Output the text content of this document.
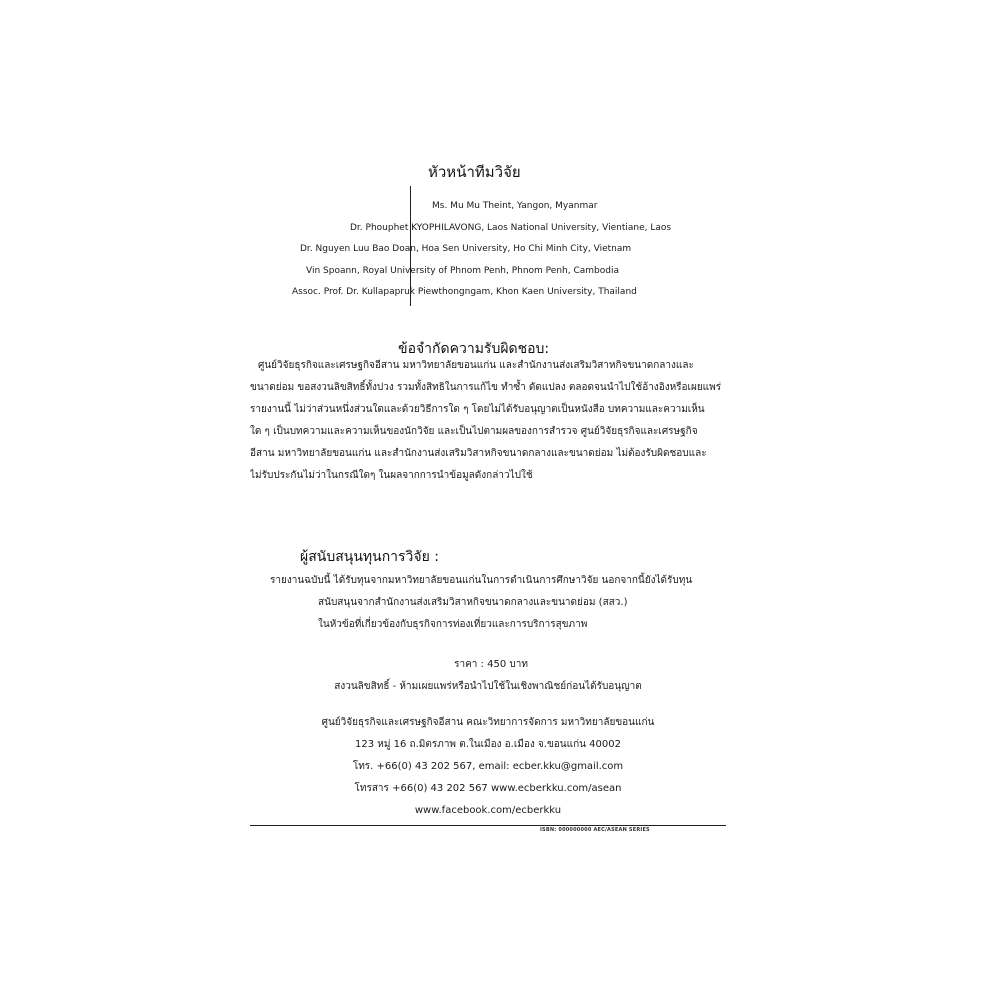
หัวหน้าทีมวิจัย
Ms. Mu Mu Theint, Yangon, Myanmar
Dr. Phouphet KYOPHILAVONG, Laos National University, Vientiane, Laos
Dr. Nguyen Luu Bao Doan, Hoa Sen University, Ho Chi Minh City, Vietnam
Vin Spoann, Royal University of Phnom Penh, Phnom Penh, Cambodia
Assoc. Prof. Dr. Kullapapruk Piewthongngam, Khon Kaen University, Thailand
ข้อจำกัดความรับผิดชอบ:
ศูนย์วิจัยธุรกิจและเศรษฐกิจอีสาน มหาวิทยาลัยขอนแก่น และสำนักงานส่งเสริมวิสาหกิจขนาดกลางและ
ขนาดย่อม ขอสงวนลิขสิทธิ์ทั้งปวง รวมทั้งสิทธิในการแก้ไข ทำซ้ำ ดัดแปลง ตลอดจนนำไปใช้อ้างอิงหรือเผยแพร่
รายงานนี้ ไม่ว่าส่วนหนึ่งส่วนใดและด้วยวิธีการใด ๆ โดยไม่ได้รับอนุญาตเป็นหนังสือ บทความและความเห็น
ใด ๆ เป็นบทความและความเห็นของนักวิจัย และเป็นไปตามผลของการสำรวจ ศูนย์วิจัยธุรกิจและเศรษฐกิจ
อีสาน มหาวิทยาลัยขอนแก่น และสำนักงานส่งเสริมวิสาหกิจขนาดกลางและขนาดย่อม ไม่ต้องรับผิดชอบและ
ไม่รับประกันไม่ว่าในกรณีใดๆ ในผลจากการนำข้อมูลดังกล่าวไปใช้
ผู้สนับสนุนทุนการวิจัย :
รายงานฉบับนี้ ได้รับทุนจากมหาวิทยาลัยขอนแก่นในการดำเนินการศึกษาวิจัย นอกจากนี้ยังได้รับทุน
สนับสนุนจากสำนักงานส่งเสริมวิสาหกิจขนาดกลางและขนาดย่อม (สสว.)
ในหัวข้อที่เกี่ยวข้องกับธุรกิจการท่องเที่ยวและการบริการสุขภาพ
ราคา : 450 บาท
สงวนลิขสิทธิ์ - ห้ามเผยแพร่หรือนำไปใช้ในเชิงพาณิชย์ก่อนได้รับอนุญาต
ศูนย์วิจัยธุรกิจและเศรษฐกิจอีสาน คณะวิทยาการจัดการ มหาวิทยาลัยขอนแก่น
123 หมู่ 16 ถ.มิตรภาพ ต.ในเมือง อ.เมือง จ.ขอนแก่น 40002
โทร. +66(0) 43 202 567, email: ecber.kku@gmail.com
โทรสาร +66(0) 43 202 567 www.ecberkku.com/asean
www.facebook.com/ecberkku
ISBN: 000000000 AEC/ASEAN SERIES
